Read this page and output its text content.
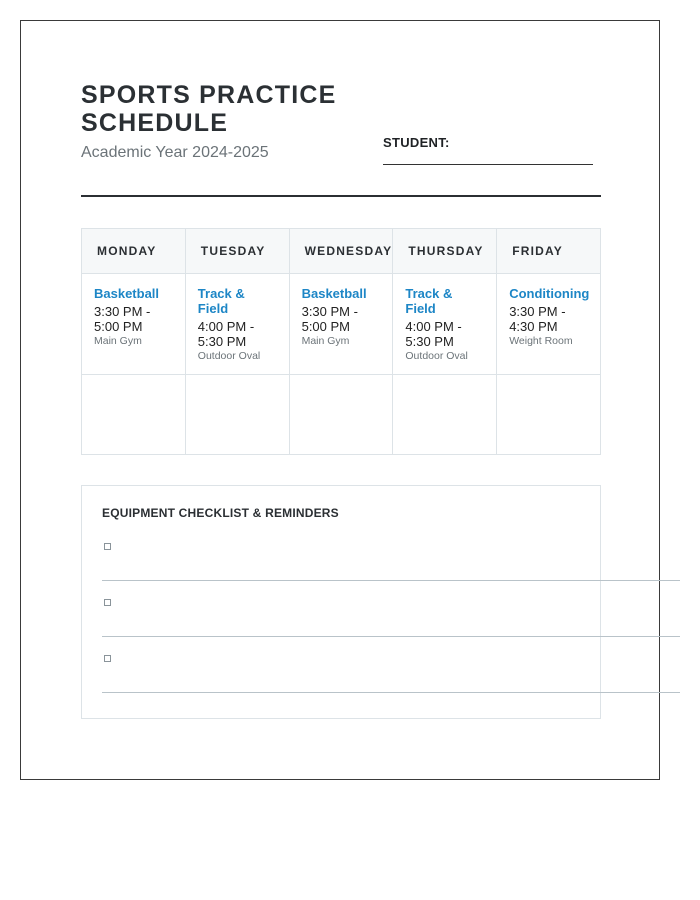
SPORTS PRACTICE SCHEDULE
Academic Year 2024-2025
STUDENT:
MONDAY
Basketball
3:30 PM - 5:00 PM
Main Gym
TUESDAY
Track & Field
4:00 PM - 5:30 PM
Outdoor Oval
WEDNESDAY
Basketball
3:30 PM - 5:00 PM
Main Gym
THURSDAY
Track & Field
4:00 PM - 5:30 PM
Outdoor Oval
FRIDAY
Conditioning
3:30 PM - 4:30 PM
Weight Room
EQUIPMENT CHECKLIST & REMINDERS
